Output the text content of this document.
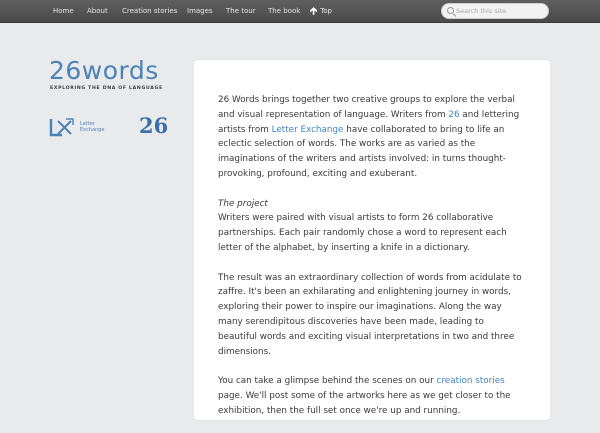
Home About Creation stories Images The tour The book 🡱 Top
Search this site
26words
EXPLORING THE DNA OF LANGUAGE
Letter
Exchange 26

26 Words brings together two creative groups to explore the verbal and visual representation of language. Writers from 26 and lettering artists from Letter Exchange have collaborated to bring to life an eclectic selection of words. The works are as varied as the imaginations of the writers and artists involved: in turns thought-provoking, profound, exciting and exuberant.

The project
Writers were paired with visual artists to form 26 collaborative partnerships. Each pair randomly chose a word to represent each letter of the alphabet, by inserting a knife in a dictionary.

The result was an extraordinary collection of words from acidulate to zaffre. It's been an exhilarating and enlightening journey in words, exploring their power to inspire our imaginations. Along the way many serendipitous discoveries have been made, leading to beautiful words and exciting visual interpretations in two and three dimensions.

You can take a glimpse behind the scenes on our creation stories page. We'll post some of the artworks here as we get closer to the exhibition, then the full set once we're up and running.
